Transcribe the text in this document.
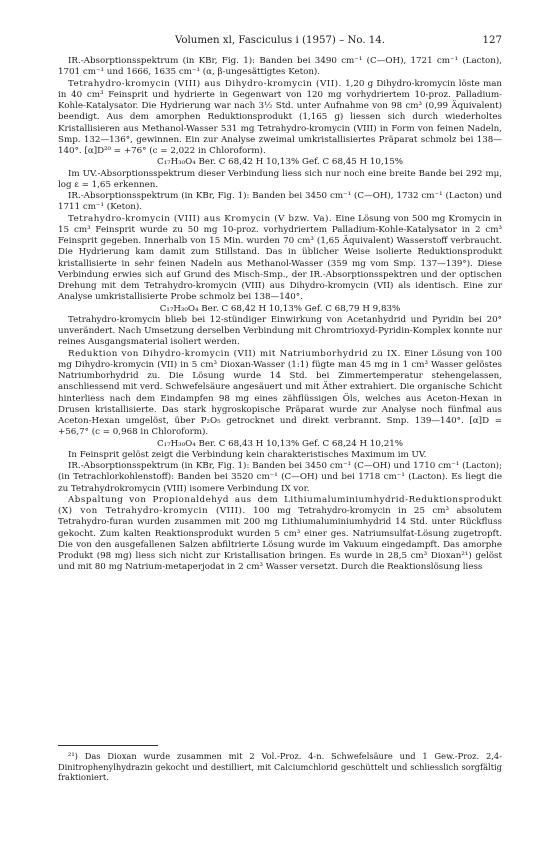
Volumen xl, Fasciculus i (1957) – No. 14.	127

IR.-Absorptionsspektrum (in KBr, Fig. 1): Banden bei 3490 cm⁻¹ (C—OH), 1721 cm⁻¹ (Lacton), 1701 cm⁻¹ und 1666, 1635 cm⁻¹ (α, β-ungesättigtes Keton).

Tetrahydro-kromycin (VIII) aus Dihydro-kromycin (VII). 1,20 g Dihydro-kromycin löste man in 40 cm³ Feinsprit und hydrierte in Gegenwart von 120 mg vorhydriertem 10-proz. Palladium-Kohle-Katalysator. Die Hydrierung war nach 3½ Std. unter Aufnahme von 98 cm³ (0,99 Äquivalent) beendigt. Aus dem amorphen Reduktionsprodukt (1,165 g) liessen sich durch wiederholtes Kristallisieren aus Methanol-Wasser 531 mg Tetrahydro-kromycin (VIII) in Form von feinen Nadeln, Smp. 132—136°, gewinnen. Ein zur Analyse zweimal umkristallisiertes Präparat schmolz bei 138—140°. [α]D²⁰ = +76° (c = 2,022 in Chloroform).

C₁₇H₃₀O₄ Ber. C 68,42 H 10,13% Gef. C 68,45 H 10,15%

Im UV.-Absorptionsspektrum dieser Verbindung liess sich nur noch eine breite Bande bei 292 mμ, log ε = 1,65 erkennen.

IR.-Absorptionsspektrum (in KBr, Fig. 1): Banden bei 3450 cm⁻¹ (C—OH), 1732 cm⁻¹ (Lacton) und 1711 cm⁻¹ (Keton).

Tetrahydro-kromycin (VIII) aus Kromycin (V bzw. Va). Eine Lösung von 500 mg Kromycin in 15 cm³ Feinsprit wurde zu 50 mg 10-proz. vorhydriertem Palladium-Kohle-Katalysator in 2 cm³ Feinsprit gegeben. Innerhalb von 15 Min. wurden 70 cm³ (1,65 Äquivalent) Wasserstoff verbraucht. Die Hydrierung kam damit zum Stillstand. Das in üblicher Weise isolierte Reduktionsprodukt kristallisierte in sehr feinen Nadeln aus Methanol-Wasser (359 mg vom Smp. 137—139°). Diese Verbindung erwies sich auf Grund des Misch-Smp., der IR.-Absorptionsspektren und der optischen Drehung mit dem Tetrahydro-kromycin (VIII) aus Dihydro-kromycin (VII) als identisch. Eine zur Analyse umkristallisierte Probe schmolz bei 138—140°.

C₁₇H₃₀O₄ Ber. C 68,42 H 10,13% Gef. C 68,79 H 9,83%

Tetrahydro-kromycin blieb bei 12-stündiger Einwirkung von Acetanhydrid und Pyridin bei 20° unverändert. Nach Umsetzung derselben Verbindung mit Chromtrioxyd-Pyridin-Komplex konnte nur reines Ausgangsmaterial isoliert werden.

Reduktion von Dihydro-kromycin (VII) mit Natriumborhydrid zu IX. Einer Lösung von 100 mg Dihydro-kromycin (VII) in 5 cm³ Dioxan-Wasser (1:1) fügte man 45 mg in 1 cm³ Wasser gelöstes Natriumborhydrid zu. Die Lösung wurde 14 Std. bei Zimmertemperatur stehengelassen, anschliessend mit verd. Schwefelsäure angesäuert und mit Äther extrahiert. Die organische Schicht hinterliess nach dem Eindampfen 98 mg eines zähflüssigen Öls, welches aus Aceton-Hexan in Drusen kristallisierte. Das stark hygroskopische Präparat wurde zur Analyse noch fünfmal aus Aceton-Hexan umgelöst, über P₂O₅ getrocknet und direkt verbrannt. Smp. 139—140°. [α]D = +56,7° (c = 0,968 in Chloroform).

C₁₇H₃₀O₄ Ber. C 68,43 H 10,13% Gef. C 68,24 H 10,21%

In Feinsprit gelöst zeigt die Verbindung kein charakteristisches Maximum im UV.

IR.-Absorptionsspektrum (in KBr, Fig. 1): Banden bei 3450 cm⁻¹ (C—OH) und 1710 cm⁻¹ (Lacton); (in Tetrachlorkohlenstoff): Banden bei 3520 cm⁻¹ (C—OH) und bei 1718 cm⁻¹ (Lacton). Es liegt die zu Tetrahydrokromycin (VIII) isomere Verbindung IX vor.

Abspaltung von Propionaldehyd aus dem Lithiumaluminiumhydrid-Reduktionsprodukt (X) von Tetrahydro-kromycin (VIII). 100 mg Tetrahydro-kromycin in 25 cm³ absolutem Tetrahydro-furan wurden zusammen mit 200 mg Lithiumaluminiumhydrid 14 Std. unter Rückfluss gekocht. Zum kalten Reaktionsprodukt wurden 5 cm³ einer ges. Natriumsulfat-Lösung zugetropft. Die von den ausgefallenen Salzen abfiltrierte Lösung wurde im Vakuum eingedampft. Das amorphe Produkt (98 mg) liess sich nicht zur Kristallisation bringen. Es wurde in 28,5 cm³ Dioxan²¹) gelöst und mit 80 mg Natrium-metaperjodat in 2 cm³ Wasser versetzt. Durch die Reaktionslösung liess

²¹) Das Dioxan wurde zusammen mit 2 Vol.-Proz. 4-n. Schwefelsäure und 1 Gew.-Proz. 2,4-Dinitrophenylhydrazin gekocht und destilliert, mit Calciumchlorid geschüttelt und schliesslich sorgfältig fraktioniert.
